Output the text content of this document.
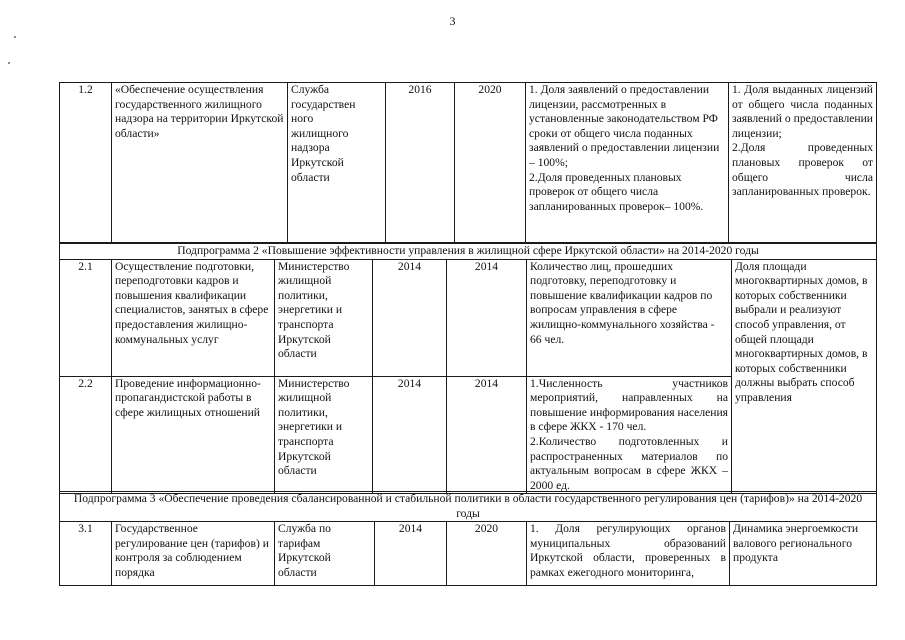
3
1.2	«Обеспечение осуществления государственного жилищного надзора на территории Иркутской области»	Служба
государствен
ного
жилищного
надзора
Иркутской
области	2016	2020	1. Доля заявлений о предоставлении лицензии, рассмотренных в установленные законодательством РФ сроки от общего числа поданных заявлений о предоставлении лицензии – 100%;
2.Доля проведенных плановых проверок от общего числа запланированных проверок– 100%.	1. Доля выданных лицензий от общего числа поданных заявлений о предоставлении лицензии;
2.Доля проведенных плановых проверок от общего числа запланированных проверок.
Подпрограмма 2 «Повышение эффективности управления в жилищной сфере Иркутской области» на 2014-2020 годы						
2.1	Осуществление подготовки, переподготовки кадров и повышения квалификации специалистов, занятых в сфере предоставления жилищно-коммунальных услуг	Министерство жилищной политики, энергетики и транспорта Иркутской области	2014	2014	Количество лиц, прошедших подготовку, переподготовку и повышение квалификации кадров по вопросам управления в сфере жилищно-коммунального хозяйства - 66 чел.	Доля площади многоквартирных домов, в которых собственники выбрали и реализуют способ управления, от общей площади многоквартирных домов, в которых собственники должны выбрать способ управления
2.2	Проведение информационно-пропагандистской работы в сфере жилищных отношений	Министерство жилищной политики, энергетики и транспорта Иркутской области	2014	2014	1.Численность участников мероприятий, направленных на повышение информирования населения в сфере ЖКХ - 170 чел.
2.Количество подготовленных и распространенных материалов по актуальным вопросам в сфере ЖКХ – 2000 ед.	
Подпрограмма 3 «Обеспечение проведения сбалансированной и стабильной политики в области государственного регулирования цен (тарифов)» на 2014-2020 годы
3.1	Государственное регулирование цен (тарифов) и контроля за соблюдением порядка	Служба по тарифам Иркутской области	2014	2020	1. Доля регулирующих органов муниципальных образований Иркутской области, проверенных в рамках ежегодного мониторинга,	Динамика энергоемкости валового регионального продукта
